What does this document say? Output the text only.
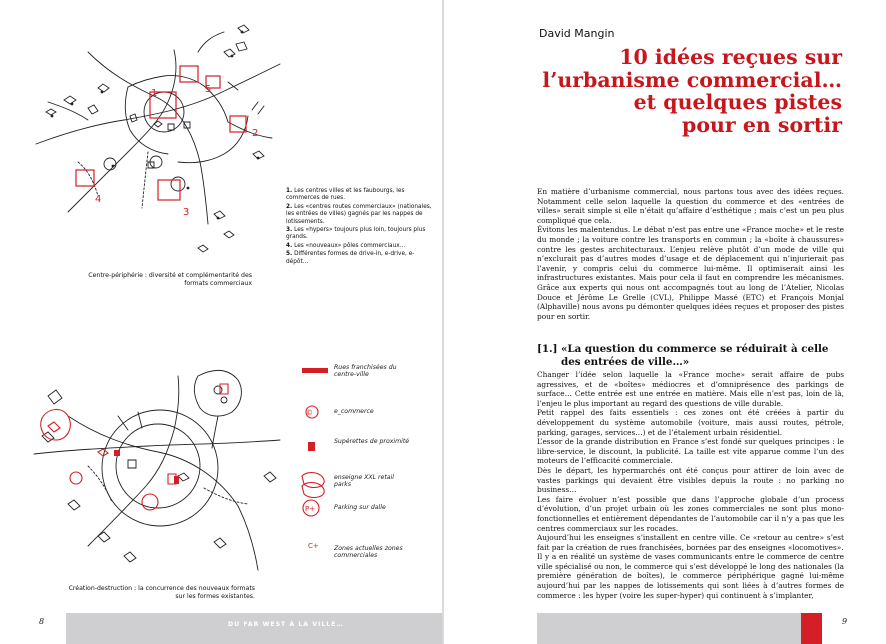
1
2
3
4
5
1. Les centres villes et les faubourgs, les commerces de rues.
2. Les «centres routes commerciaux» (nationales, les entrées de villes) gagnés par les nappes de lotissements.
3. Les «hypers» toujours plus loin, toujours plus grands.
4. Les «nouveaux» pôles commerciaux…
5. Différentes formes de drive-in, e-drive, e-dépôt…
Centre-périphérie : diversité et complémentarité des formats commerciaux
©
P+
C+
Rues franchisées du centre-ville
e_commerce
Supérettes de proximité
enseigne XXL retail parks
Parking sur dalle
Zones actuelles zones commerciales
Création-destruction : la concurrence des nouveaux formats sur les formes existantes.
8	DU FAR WEST À LA VILLE…
David Mangin
10 idées reçues sur
l’urbanisme commercial…
et quelques pistes
pour en sortir

En matière d’urbanisme commercial, nous partons tous avec des idées reçues. Notamment celle selon laquelle la question du commerce et des «entrées de villes» serait simple si elle n’était qu’affaire d’esthétique ; mais c’est un peu plus compliqué que cela.

Évitons les malentendus. Le débat n’est pas entre une «France moche» et le reste du monde ; la voiture contre les transports en commun ; la «boîte à chaussures» contre les gestes architecturaux. L’enjeu relève plutôt d’un mode de ville qui n’exclurait pas d’autres modes d’usage et de déplacement qui n’injurierait pas l’avenir, y compris celui du commerce lui-même. Il optimiserait ainsi les infrastructures existantes. Mais pour cela il faut en comprendre les mécanismes. Grâce aux experts qui nous ont accompagnés tout au long de l’Atelier, Nicolas Douce et Jérôme Le Grelle (CVL), Philippe Massé (ETC) et François Monjal (Alphaville) nous avons pu démonter quelques idées reçues et proposer des pistes pour en sortir.

[1.] «La question du commerce se réduirait à celle des entrées de ville…»

Changer l’idée selon laquelle la «France moche» serait affaire de pubs agressives, et de «boîtes» médiocres et d’omniprésence des parkings de surface… Cette entrée est une entrée en matière. Mais elle n’est pas, loin de là, l’enjeu le plus important au regard des questions de ville durable.

Petit rappel des faits essentiels : ces zones ont été créées à partir du développement du système automobile (voiture, mais aussi routes, pétrole, parking, garages, services…) et de l’étalement urbain résidentiel.

L’essor de la grande distribution en France s’est fondé sur quelques principes : le libre-service, le discount, la publicité. La taille est vite apparue comme l’un des moteurs de l’efficacité commerciale.

Dès le départ, les hypermarchés ont été conçus pour attirer de loin avec de vastes parkings qui devaient être visibles depuis la route : no parking no business…

Les faire évoluer n’est possible que dans l’approche globale d’un process d’évolution, d’un projet urbain où les zones commerciales ne sont plus mono-fonctionnelles et entièrement dépendantes de l’automobile car il n’y a pas que les centres commerciaux sur les rocades.

Aujourd’hui les enseignes s’installent en centre ville. Ce «retour au centre» s’est fait par la création de rues franchisées, bornées par des enseignes «locomotives».

Il y a en réalité un système de vases communicants entre le commerce de centre ville spécialisé ou non, le commerce qui s’est développé le long des nationales (la première génération de boîtes), le commerce périphérique gagné lui-même aujourd’hui par les nappes de lotissements qui sont liées à d’autres formes de commerce : les hyper (voire les super-hyper) qui continuent à s’implanter,

9
